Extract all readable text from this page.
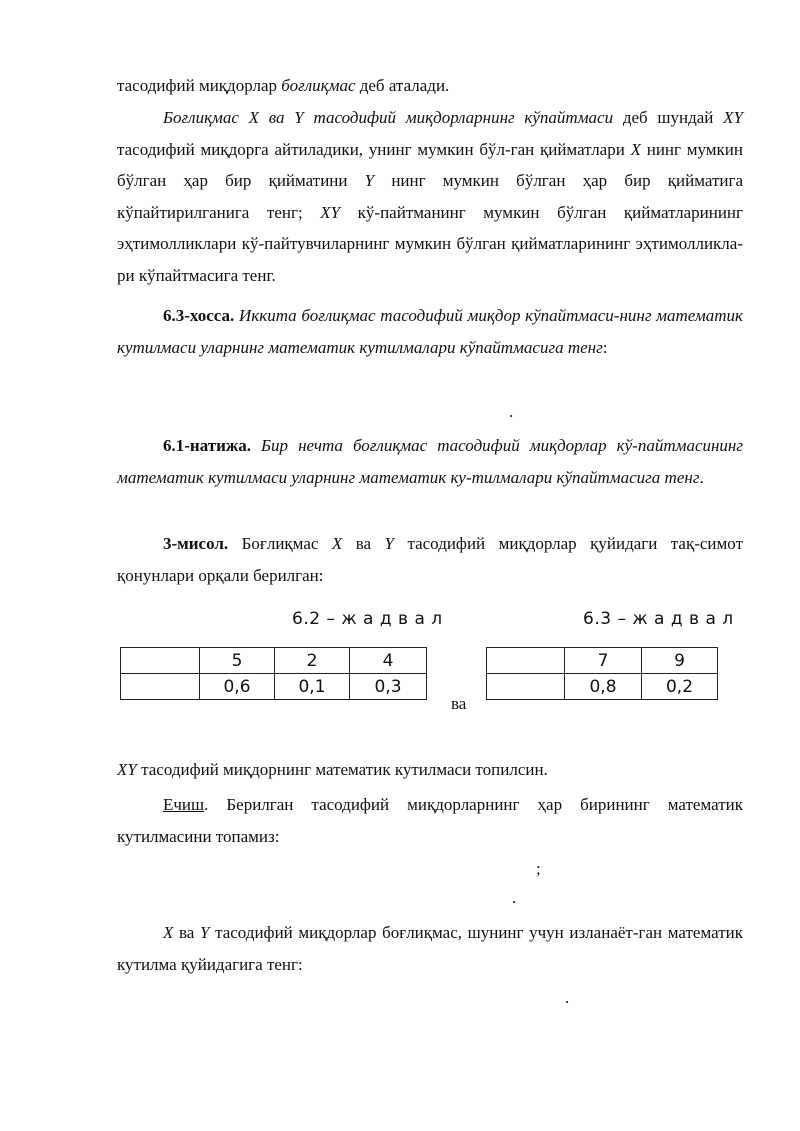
тасодифий миқдорлар боғлиқмас деб аталади.

Боғлиқмас X ва Y тасодифий миқдорларнинг кўпайтмаси деб шундай XY тасодифий миқдорга айтиладики, унинг мумкин бўл-ган қийматлари X нинг мумкин бўлган ҳар бир қийматини Y нинг мумкин бўлган ҳар бир қийматига кўпайтирилганига тенг; XY кў-пайтманинг мумкин бўлган қийматларининг эҳтимолликлари кў-пайтувчиларнинг мумкин бўлган қийматларининг эҳтимолликла-ри кўпайтмасига тенг.

6.3-хосса. Иккита боғлиқмас тасодифий миқдор кўпайтмаси-нинг математик кутилмаси уларнинг математик кутилмалари кўпайтмасига тенг:

.

6.1-натижа. Бир нечта боғлиқмас тасодифий миқдорлар кў-пайтмасининг математик кутилмаси уларнинг математик ку-тилмалари кўпайтмасига тенг.

3-мисол. Боғлиқмас X ва Y тасодифий миқдорлар қуйидаги тақ-симот қонунлари орқали берилган:

6.2 – ж а д в а л	6.3 – ж а д в а л
	5	2	4
	0,6	0,1	0,3
ва
	7	9
	0,8	0,2

XY тасодифий миқдорнинг математик кутилмаси топилсин.

Ечиш. Берилган тасодифий миқдорларнинг ҳар бирининг математик кутилмасини топамиз:

;
.

X ва Y тасодифий миқдорлар боғлиқмас, шунинг учун изланаёт-ган математик кутилма қуйидагига тенг:

.
